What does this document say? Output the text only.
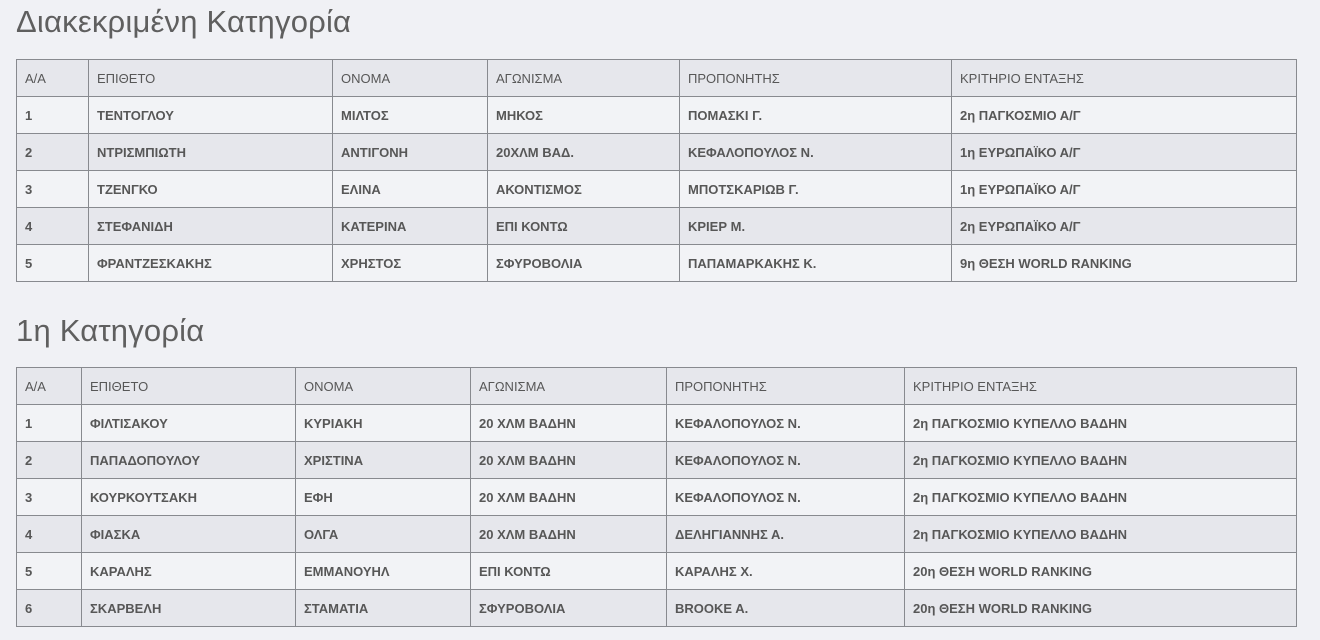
Διακεκριμένη Κατηγορία
Α/Α	ΕΠΙΘΕΤΟ	ΟΝΟΜΑ	ΑΓΩΝΙΣΜΑ	ΠΡΟΠΟΝΗΤΗΣ	ΚΡΙΤΗΡΙΟ ΕΝΤΑΞΗΣ
1	ΤΕΝΤΟΓΛΟΥ	ΜΙΛΤΟΣ	ΜΗΚΟΣ	ΠΟΜΑΣΚΙ Γ.	2η ΠΑΓΚΟΣΜΙΟ Α/Γ
2	ΝΤΡΙΣΜΠΙΩΤΗ	ΑΝΤΙΓΟΝΗ	20ΧΛΜ ΒΑΔ.	ΚΕΦΑΛΟΠΟΥΛΟΣ Ν.	1η ΕΥΡΩΠΑΪΚΟ Α/Γ
3	ΤΖΕΝΓΚΟ	ΕΛΙΝΑ	ΑΚΟΝΤΙΣΜΟΣ	ΜΠΟΤΣΚΑΡΙΩΒ Γ.	1η ΕΥΡΩΠΑΪΚΟ Α/Γ
4	ΣΤΕΦΑΝΙΔΗ	ΚΑΤΕΡΙΝΑ	ΕΠΙ ΚΟΝΤΩ	ΚΡΙΕΡ Μ.	2η ΕΥΡΩΠΑΪΚΟ Α/Γ
5	ΦΡΑΝΤΖΕΣΚΑΚΗΣ	ΧΡΗΣΤΟΣ	ΣΦΥΡΟΒΟΛΙΑ	ΠΑΠΑΜΑΡΚΑΚΗΣ Κ.	9η ΘΕΣΗ WORLD RANKING
1η Κατηγορία
Α/Α	ΕΠΙΘΕΤΟ	ΟΝΟΜΑ	ΑΓΩΝΙΣΜΑ	ΠΡΟΠΟΝΗΤΗΣ	ΚΡΙΤΗΡΙΟ ΕΝΤΑΞΗΣ
1	ΦΙΛΤΙΣΑΚΟΥ	ΚΥΡΙΑΚΗ	20 ΧΛΜ ΒΑΔΗΝ	ΚΕΦΑΛΟΠΟΥΛΟΣ Ν.	2η ΠΑΓΚΟΣΜΙΟ ΚΥΠΕΛΛΟ ΒΑΔΗΝ
2	ΠΑΠΑΔΟΠΟΥΛΟΥ	ΧΡΙΣΤΙΝΑ	20 ΧΛΜ ΒΑΔΗΝ	ΚΕΦΑΛΟΠΟΥΛΟΣ Ν.	2η ΠΑΓΚΟΣΜΙΟ ΚΥΠΕΛΛΟ ΒΑΔΗΝ
3	ΚΟΥΡΚΟΥΤΣΑΚΗ	ΕΦΗ	20 ΧΛΜ ΒΑΔΗΝ	ΚΕΦΑΛΟΠΟΥΛΟΣ Ν.	2η ΠΑΓΚΟΣΜΙΟ ΚΥΠΕΛΛΟ ΒΑΔΗΝ
4	ΦΙΑΣΚΑ	ΟΛΓΑ	20 ΧΛΜ ΒΑΔΗΝ	ΔΕΛΗΓΙΑΝΝΗΣ Α.	2η ΠΑΓΚΟΣΜΙΟ ΚΥΠΕΛΛΟ ΒΑΔΗΝ
5	ΚΑΡΑΛΗΣ	ΕΜΜΑΝΟΥΗΛ	ΕΠΙ ΚΟΝΤΩ	ΚΑΡΑΛΗΣ Χ.	20η ΘΕΣΗ WORLD RANKING
6	ΣΚΑΡΒΕΛΗ	ΣΤΑΜΑΤΙΑ	ΣΦΥΡΟΒΟΛΙΑ	BROOKE A.	20η ΘΕΣΗ WORLD RANKING
